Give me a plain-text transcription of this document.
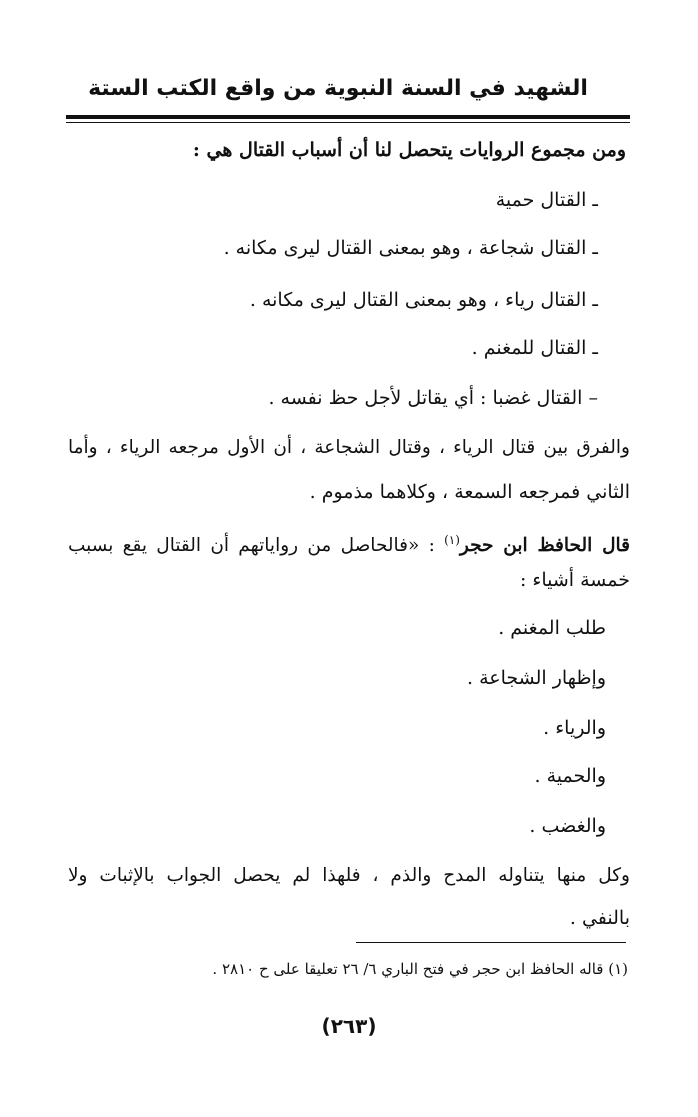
الشهيد في السنة النبوية من واقع الكتب الستة
ومن مجموع الروايات يتحصل لنا أن أسباب القتال هي :
ـ القتال حمية
ـ القتال شجاعة ، وهو بمعنى القتال ليرى مكانه .
ـ القتال رياء ، وهو بمعنى القتال ليرى مكانه .
ـ القتال للمغنم .
– القتال غضبا : أي يقاتل لأجل حظ نفسه .
والفرق بين قتال الرياء ، وقتال الشجاعة ، أن الأول مرجعه الرياء ، وأما
الثاني فمرجعه السمعة ، وكلاهما مذموم .
قال الحافظ ابن حجر$^{(١)}$ : «فالحاصل من رواياتهم أن القتال يقع بسبب
خمسة أشياء :
طلب المغنم .
وإظهار الشجاعة .
والرياء .
والحمية .
والغضب .
وكل منها يتناوله المدح والذم ، فلهذا لم يحصل الجواب بالإثبات ولا
بالنفي .
(١) قاله الحافظ ابن حجر في فتح الباري ٦/ ٢٦ تعليقا على ح ٢٨١٠ .
(٢٦٣)
